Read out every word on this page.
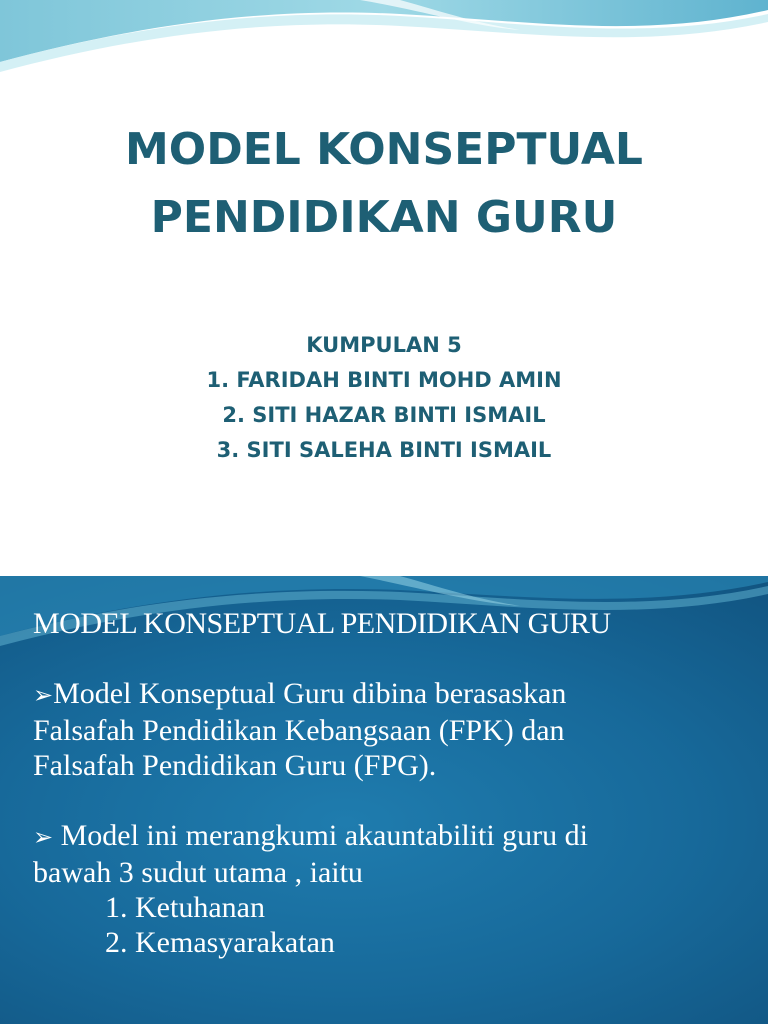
MODEL KONSEPTUAL
PENDIDIKAN GURU
KUMPULAN 5
1. FARIDAH BINTI MOHD AMIN
2. SITI HAZAR BINTI ISMAIL
3. SITI SALEHA BINTI ISMAIL
MODEL KONSEPTUAL PENDIDIKAN GURU

➢Model Konseptual Guru dibina berasaskan

Falsafah Pendidikan Kebangsaan (FPK) dan

Falsafah Pendidikan Guru (FPG).

➢ Model ini merangkumi akauntabiliti guru di

bawah 3 sudut utama , iaitu

1. Ketuhanan

2. Kemasyarakatan
